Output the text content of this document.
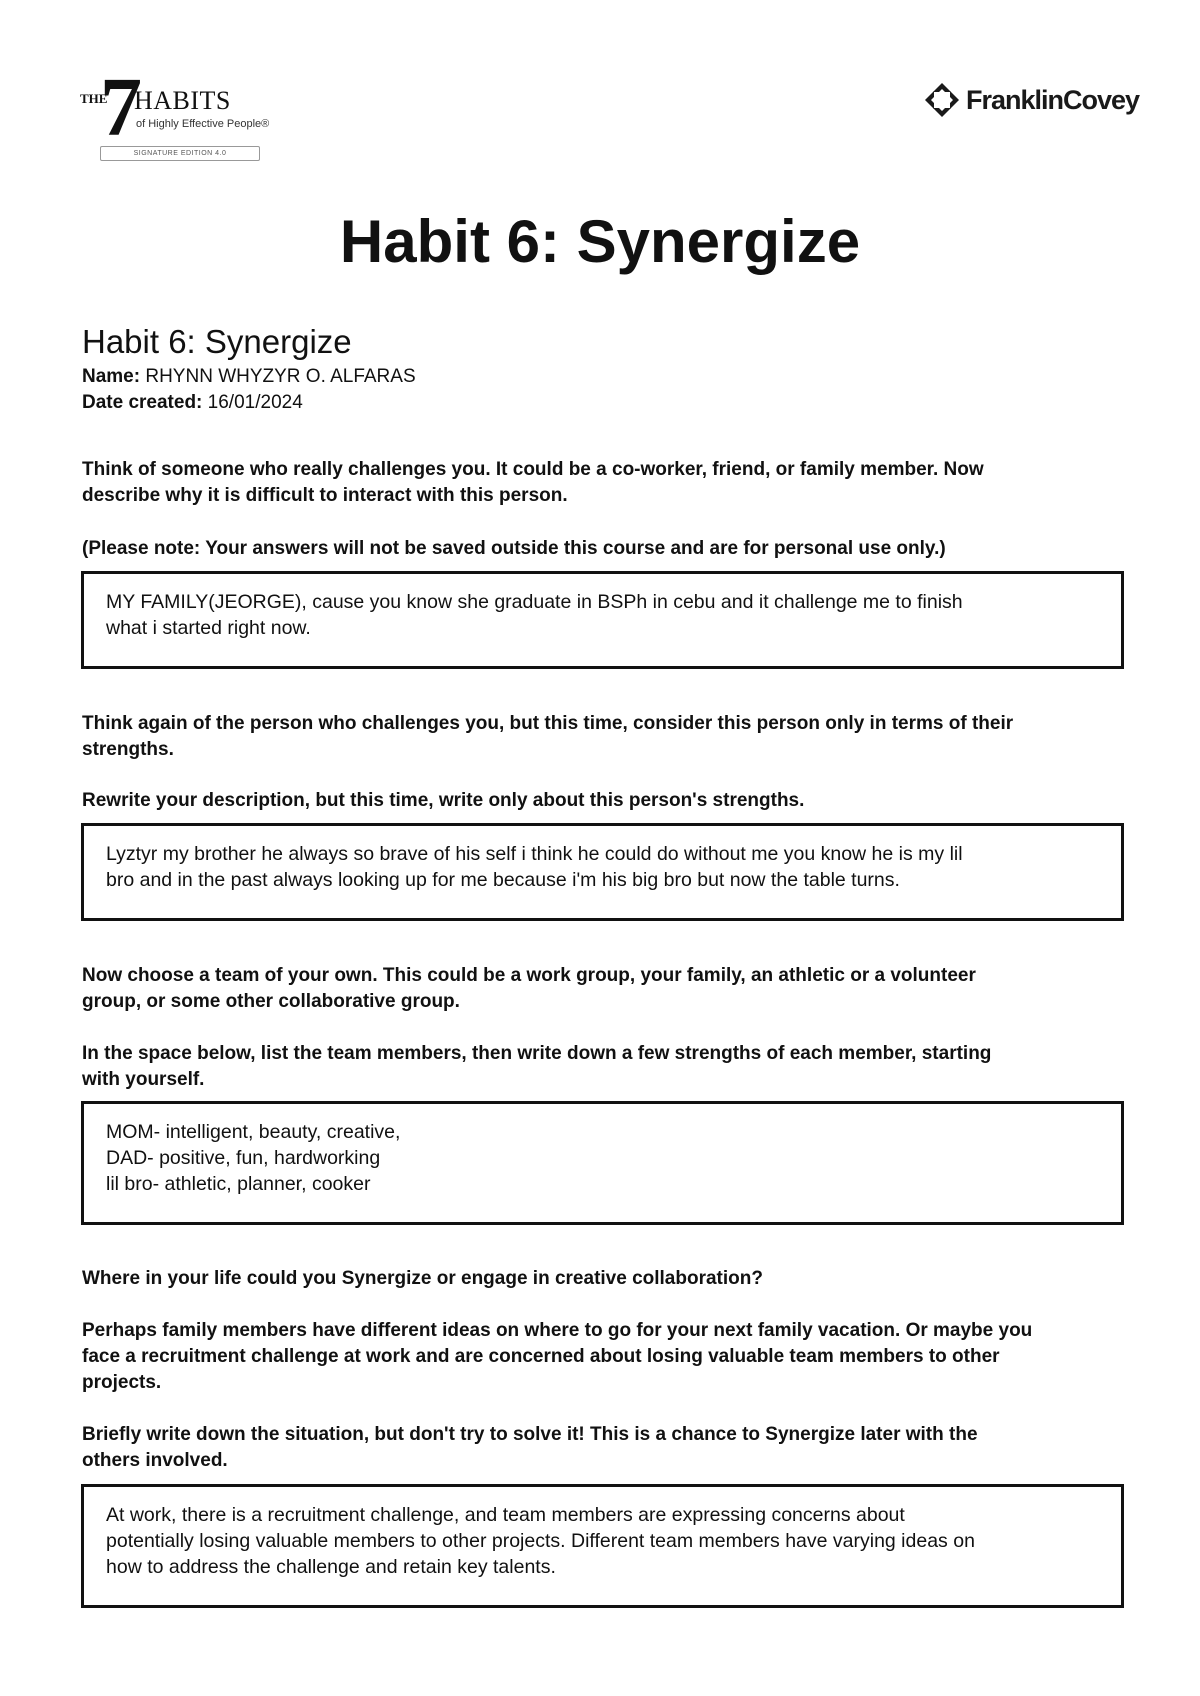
THE
7
HABITS
of Highly Effective People®
SIGNATURE EDITION 4.0
FranklinCovey
Habit 6: Synergize
Habit 6: Synergize
Name: RHYNN WHYZYR O. ALFARAS
Date created: 16/01/2024
Think of someone who really challenges you. It could be a co-worker, friend, or family member. Now
describe why it is difficult to interact with this person.
(Please note: Your answers will not be saved outside this course and are for personal use only.)
MY FAMILY(JEORGE), cause you know she graduate in BSPh in cebu and it challenge me to finish
what i started right now.
Think again of the person who challenges you, but this time, consider this person only in terms of their
strengths.
Rewrite your description, but this time, write only about this person's strengths.
Lyztyr my brother he always so brave of his self i think he could do without me you know he is my lil
bro and in the past always looking up for me because i'm his big bro but now the table turns.
Now choose a team of your own. This could be a work group, your family, an athletic or a volunteer
group, or some other collaborative group.
In the space below, list the team members, then write down a few strengths of each member, starting
with yourself.
MOM- intelligent, beauty, creative,
DAD- positive, fun, hardworking
lil bro- athletic, planner, cooker
Where in your life could you Synergize or engage in creative collaboration?
Perhaps family members have different ideas on where to go for your next family vacation. Or maybe you
face a recruitment challenge at work and are concerned about losing valuable team members to other
projects.
Briefly write down the situation, but don't try to solve it! This is a chance to Synergize later with the
others involved.
At work, there is a recruitment challenge, and team members are expressing concerns about
potentially losing valuable members to other projects. Different team members have varying ideas on
how to address the challenge and retain key talents.
